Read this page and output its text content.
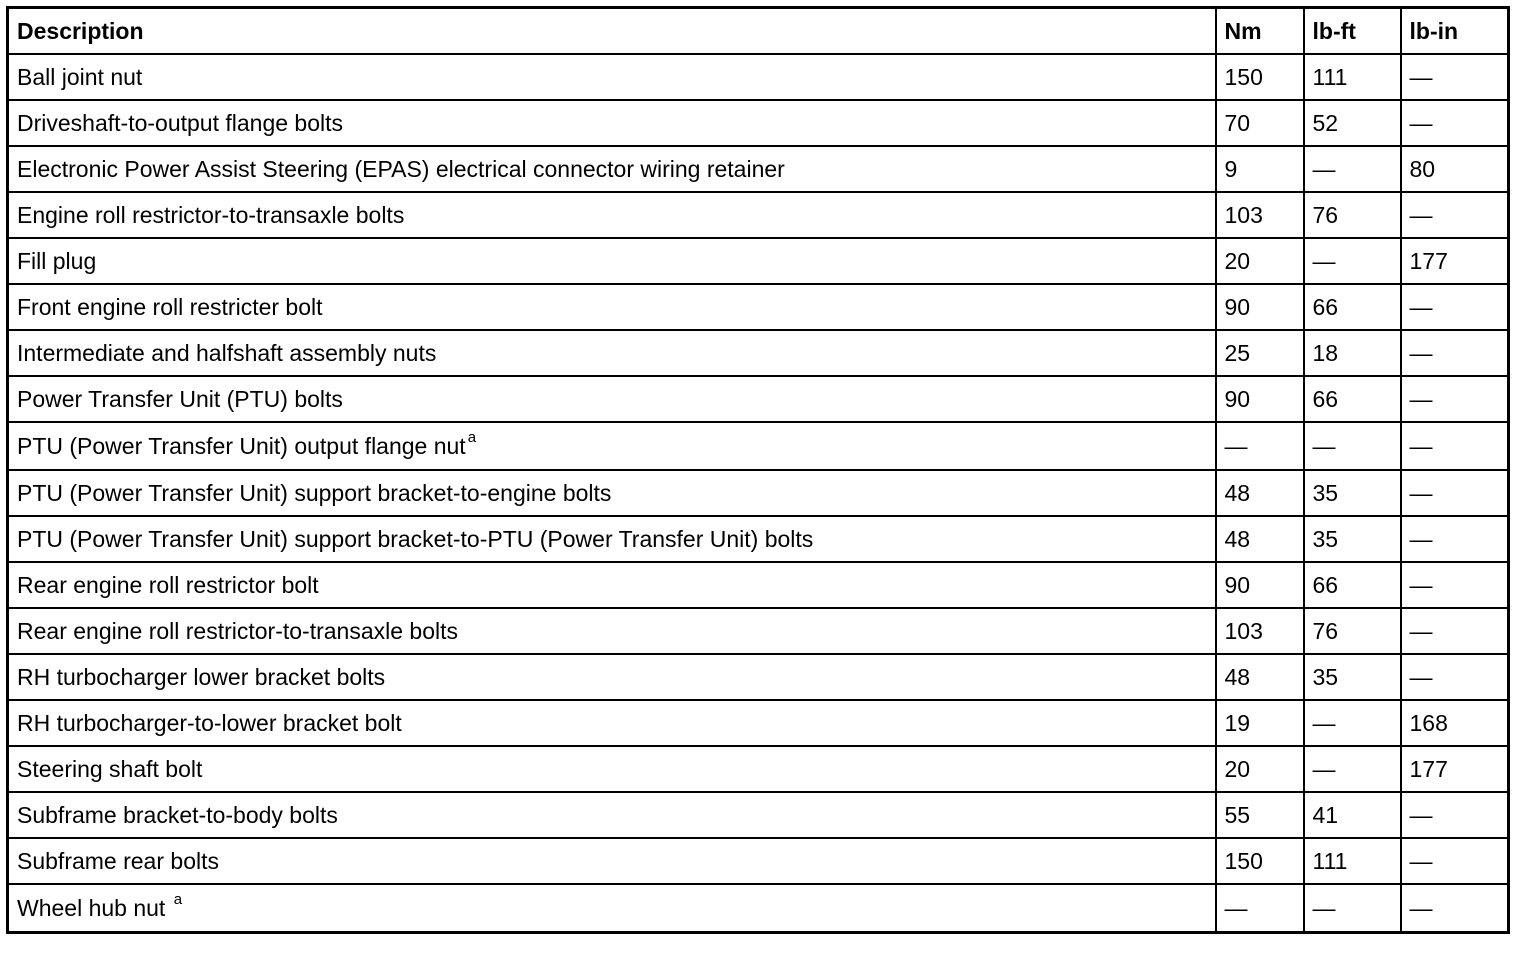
Description	Nm	lb-ft	lb-in
Ball joint nut	150	111	—
Driveshaft-to-output flange bolts	70	52	—
Electronic Power Assist Steering (EPAS) electrical connector wiring retainer	9	—	80
Engine roll restrictor-to-transaxle bolts	103	76	—
Fill plug	20	—	177
Front engine roll restricter bolt	90	66	—
Intermediate and halfshaft assembly nuts	25	18	—
Power Transfer Unit (PTU) bolts	90	66	—
PTU (Power Transfer Unit) output flange nut $^a$	—	—	—
PTU (Power Transfer Unit) support bracket-to-engine bolts	48	35	—
PTU (Power Transfer Unit) support bracket-to-PTU (Power Transfer Unit) bolts	48	35	—
Rear engine roll restrictor bolt	90	66	—
Rear engine roll restrictor-to-transaxle bolts	103	76	—
RH turbocharger lower bracket bolts	48	35	—
RH turbocharger-to-lower bracket bolt	19	—	168
Steering shaft bolt	20	—	177
Subframe bracket-to-body bolts	55	41	—
Subframe rear bolts	150	111	—
Wheel hub nut $^a$	—	—	—
